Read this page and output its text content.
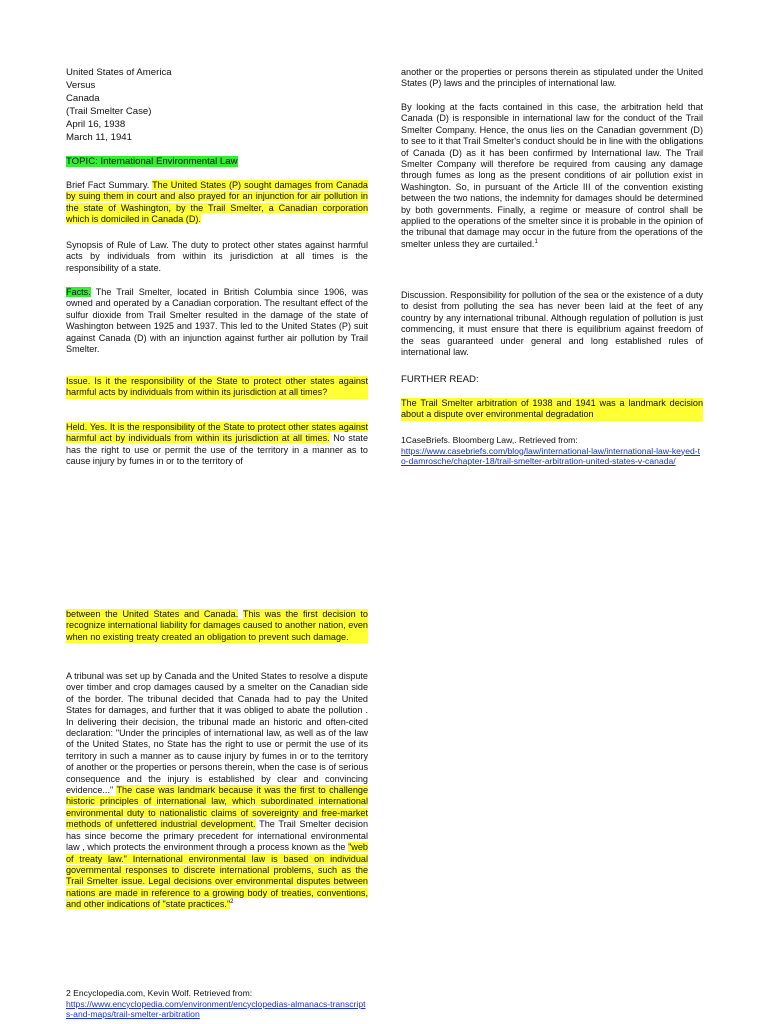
United States of America
Versus
Canada
(Trail Smelter Case)
April 16, 1938
March 11, 1941
TOPIC: International Environmental Law

Brief Fact Summary. The United States (P) sought damages from Canada by suing them in court and also prayed for an injunction for air pollution in the state of Washington, by the Trail Smelter, a Canadian corporation which is domiciled in Canada (D).

Synopsis of Rule of Law. The duty to protect other states against harmful acts by individuals from within its jurisdiction at all times is the responsibility of a state.

Facts. The Trail Smelter, located in British Columbia since 1906, was owned and operated by a Canadian corporation. The resultant effect of the sulfur dioxide from Trail Smelter resulted in the damage of the state of Washington between 1925 and 1937. This led to the United States (P) suit against Canada (D) with an injunction against further air pollution by Trail Smelter.

Issue. Is it the responsibility of the State to protect other states against harmful acts by individuals from within its jurisdiction at all times?

Held. Yes. It is the responsibility of the State to protect other states against harmful act by individuals from within its jurisdiction at all times. No state has the right to use or permit the use of the territory in a manner as to cause injury by fumes in or to the territory of

another or the properties or persons therein as stipulated under the United States (P) laws and the principles of international law.

By looking at the facts contained in this case, the arbitration held that Canada (D) is responsible in international law for the conduct of the Trail Smelter Company. Hence, the onus lies on the Canadian government (D) to see to it that Trail Smelter's conduct should be in line with the obligations of Canada (D) as it has been confirmed by International law. The Trail Smelter Company will therefore be required from causing any damage through fumes as long as the present conditions of air pollution exist in Washington. So, in pursuant of the Article III of the convention existing between the two nations, the indemnity for damages should be determined by both governments. Finally, a regime or measure of control shall be applied to the operations of the smelter since it is probable in the opinion of the tribunal that damage may occur in the future from the operations of the smelter unless they are curtailed.$^1$

Discussion. Responsibility for pollution of the sea or the existence of a duty to desist from polluting the sea has never been laid at the feet of any country by any international tribunal. Although regulation of pollution is just commencing, it must ensure that there is equilibrium against freedom of the seas guaranteed under general and long established rules of international law.

FURTHER READ:

The Trail Smelter arbitration of 1938 and 1941 was a landmark decision about a dispute over environmental degradation

1CaseBriefs. Bloomberg Law,. Retrieved from:
https://www.casebriefs.com/blog/law/international-law/international-law-keyed-to-damrosche/chapter-18/trail-smelter-arbitration-united-states-v-canada/

between the United States and Canada. This was the first decision to recognize international liability for damages caused to another nation, even when no existing treaty created an obligation to prevent such damage.

A tribunal was set up by Canada and the United States to resolve a dispute over timber and crop damages caused by a smelter on the Canadian side of the border. The tribunal decided that Canada had to pay the United States for damages, and further that it was obliged to abate the pollution . In delivering their decision, the tribunal made an historic and often-cited declaration: "Under the principles of international law, as well as of the law of the United States, no State has the right to use or permit the use of its territory in such a manner as to cause injury by fumes in or to the territory of another or the properties or persons therein, when the case is of serious consequence and the injury is established by clear and convincing evidence..." The case was landmark because it was the first to challenge historic principles of international law, which subordinated international environmental duty to nationalistic claims of sovereignty and free-market methods of unfettered industrial development. The Trail Smelter decision has since become the primary precedent for international environmental law , which protects the environment through a process known as the "web of treaty law." International environmental law is based on individual governmental responses to discrete international problems, such as the Trail Smelter issue. Legal decisions over environmental disputes between nations are made in reference to a growing body of treaties, conventions, and other indications of "state practices."$^2$

2 Encyclopedia.com, Kevin Wolf. Retrieved from:
https://www.encyclopedia.com/environment/encyclopedias-almanacs-transcripts-and-maps/trail-smelter-arbitration
